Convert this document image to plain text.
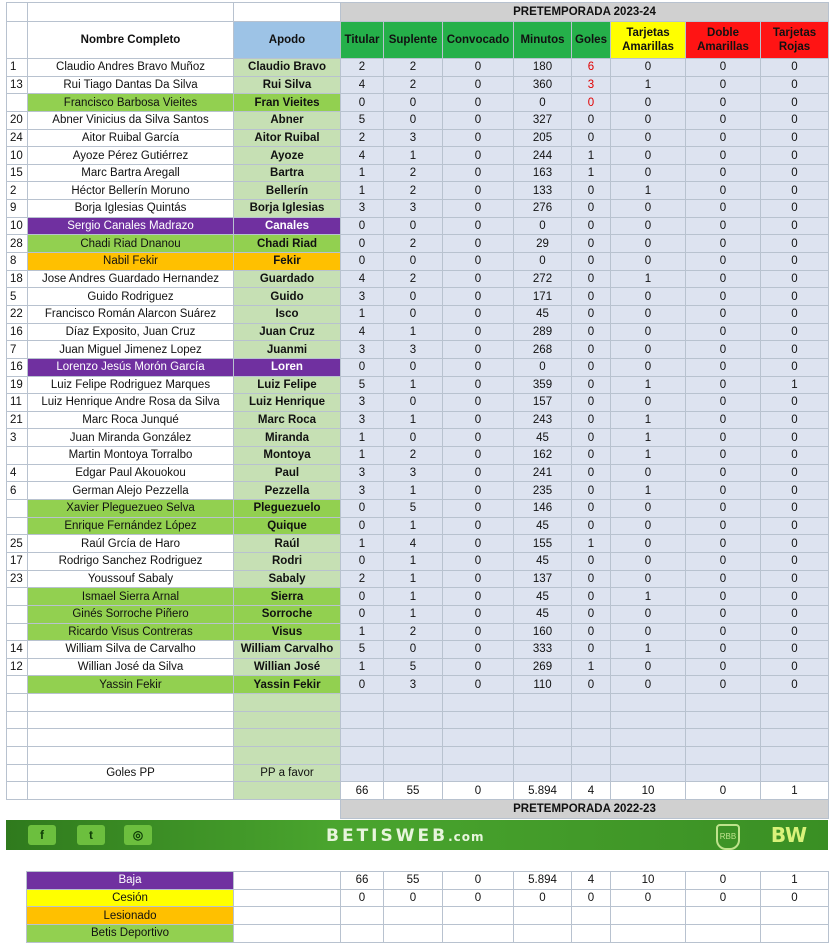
			PRETEMPORADA 2023-24							
	Nombre Completo	Apodo	Titular	Suplente	Convocado	Minutos	Goles	Tarjetas Amarillas	Doble Amarillas	Tarjetas Rojas
1	Claudio Andres Bravo Muñoz	Claudio Bravo	2	2	0	180	6	0	0	0
13	Rui Tiago Dantas Da Silva	Rui Silva	4	2	0	360	3	1	0	0
	Francisco Barbosa Vieites	Fran Vieites	0	0	0	0	0	0	0	0
20	Abner Vinicius da Silva Santos	Abner	5	0	0	327	0	0	0	0
24	Aitor Ruibal García	Aitor Ruibal	2	3	0	205	0	0	0	0
10	Ayoze Pérez Gutiérrez	Ayoze	4	1	0	244	1	0	0	0
15	Marc Bartra Aregall	Bartra	1	2	0	163	1	0	0	0
2	Héctor Bellerín Moruno	Bellerín	1	2	0	133	0	1	0	0
9	Borja Iglesias Quintás	Borja Iglesias	3	3	0	276	0	0	0	0
10	Sergio Canales Madrazo	Canales	0	0	0	0	0	0	0	0
28	Chadi Riad Dnanou	Chadi Riad	0	2	0	29	0	0	0	0
8	Nabil Fekir	Fekir	0	0	0	0	0	0	0	0
18	Jose Andres Guardado Hernandez	Guardado	4	2	0	272	0	1	0	0
5	Guido Rodriguez	Guido	3	0	0	171	0	0	0	0
22	Francisco Román Alarcon Suárez	Isco	1	0	0	45	0	0	0	0
16	Díaz Exposito, Juan Cruz	Juan Cruz	4	1	0	289	0	0	0	0
7	Juan Miguel Jimenez Lopez	Juanmi	3	3	0	268	0	0	0	0
16	Lorenzo Jesús Morón García	Loren	0	0	0	0	0	0	0	0
19	Luiz Felipe Rodriguez Marques	Luiz Felipe	5	1	0	359	0	1	0	1
11	Luiz Henrique Andre Rosa da Silva	Luiz Henrique	3	0	0	157	0	0	0	0
21	Marc Roca Junqué	Marc Roca	3	1	0	243	0	1	0	0
3	Juan Miranda González	Miranda	1	0	0	45	0	1	0	0
	Martin Montoya Torralbo	Montoya	1	2	0	162	0	1	0	0
4	Edgar Paul Akouokou	Paul	3	3	0	241	0	0	0	0
6	German Alejo Pezzella	Pezzella	3	1	0	235	0	1	0	0
	Xavier Pleguezueo Selva	Pleguezuelo	0	5	0	146	0	0	0	0
	Enrique Fernández López	Quique	0	1	0	45	0	0	0	0
25	Raúl Grcía de Haro	Raúl	1	4	0	155	1	0	0	0
17	Rodrigo Sanchez Rodriguez	Rodri	0	1	0	45	0	0	0	0
23	Youssouf Sabaly	Sabaly	2	1	0	137	0	0	0	0
	Ismael Sierra Arnal	Sierra	0	1	0	45	0	1	0	0
	Ginés Sorroche Piñero	Sorroche	0	1	0	45	0	0	0	0
	Ricardo Visus Contreras	Visus	1	2	0	160	0	0	0	0
14	William Silva de Carvalho	William Carvalho	5	0	0	333	0	1	0	0
12	Willian José da Silva	Willian José	1	5	0	269	1	0	0	0
	Yassin Fekir	Yassin Fekir	0	3	0	110	0	0	0	0

	Goles PP	PP a favor								
			66	55	0	5.894	4	10	0	1
			PRETEMPORADA 2022-23							
f	t	◎	BETISWEB.com	RBB	BW
Baja		66	55	0	5.894	4	10	0	1
Cesión		0	0	0	0	0	0	0	0
Lesionado									
Betis Deportivo									
